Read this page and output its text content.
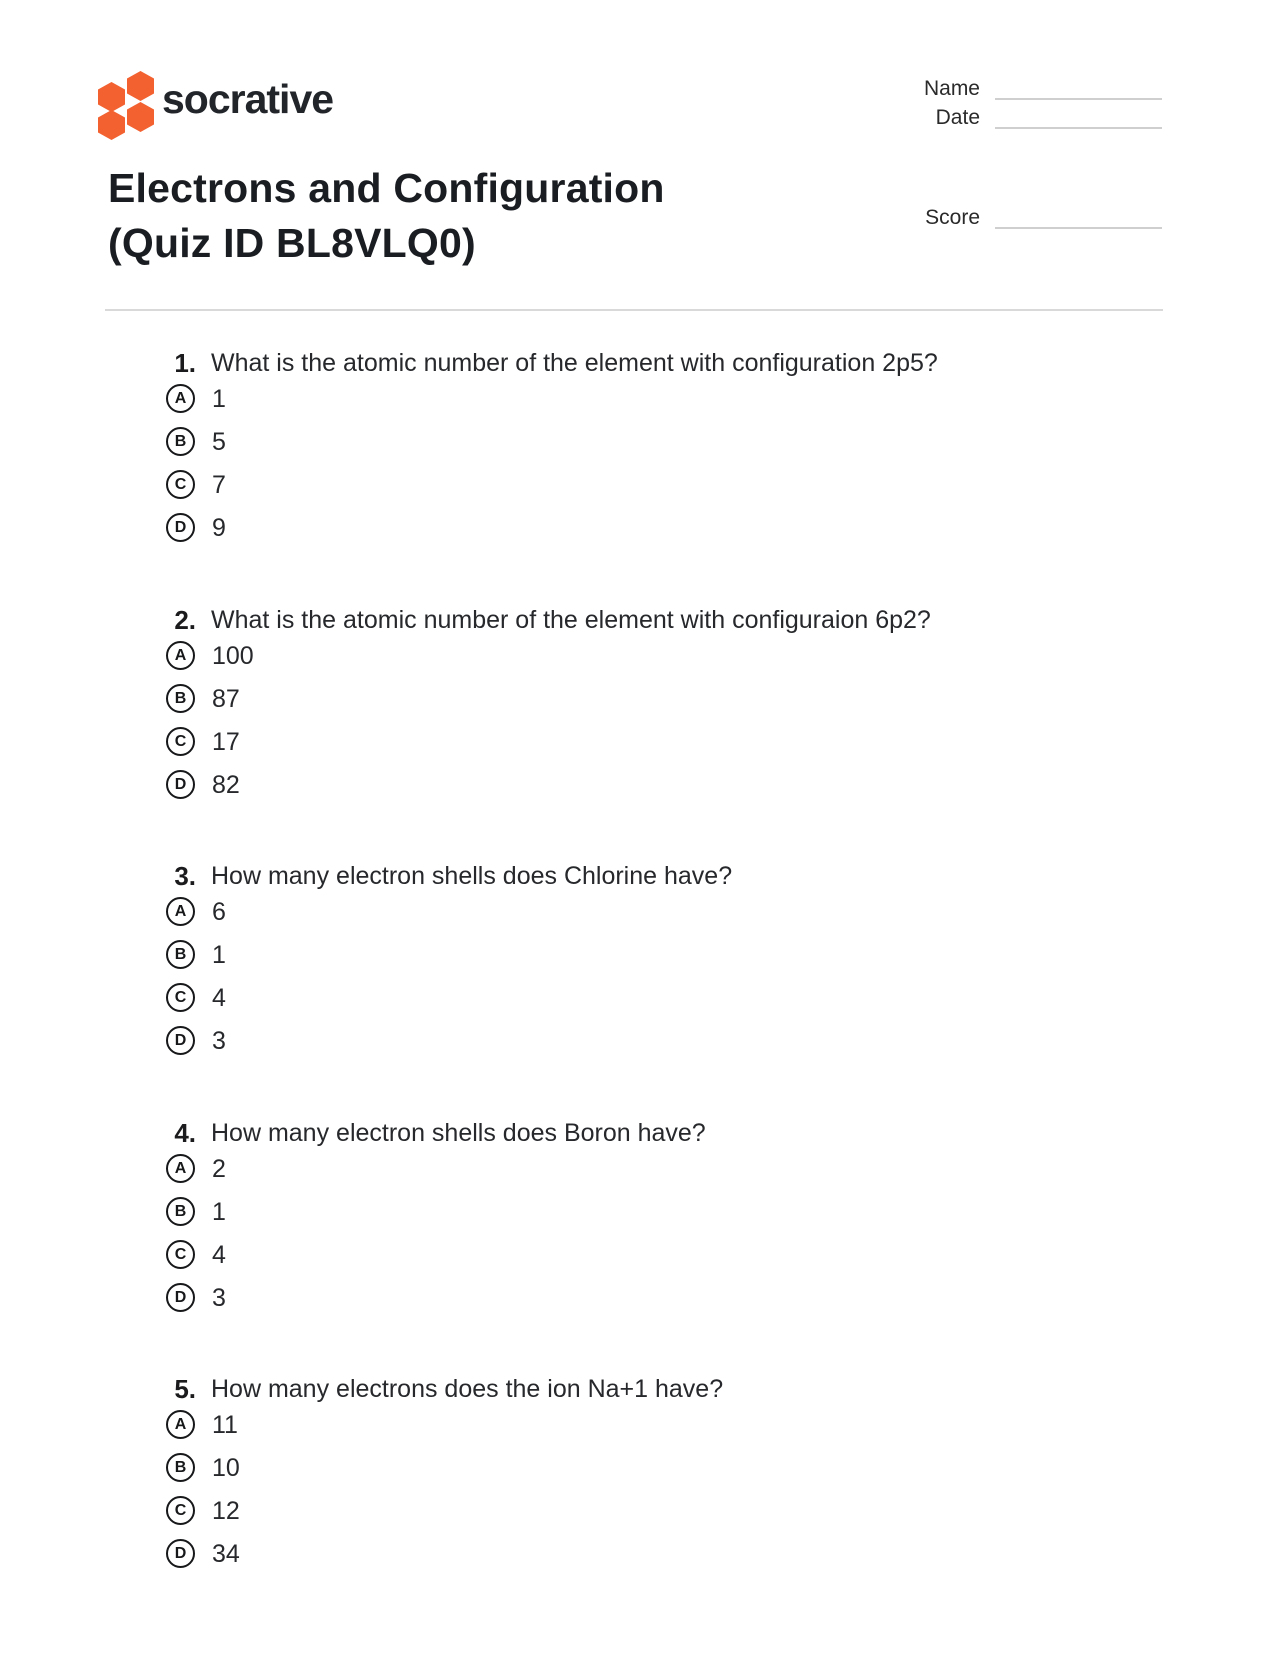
socrative	Name
Date
Score
Electrons and Configuration
(Quiz ID BL8VLQ0)
1. What is the atomic number of the element with configuration 2p5?
A	1
B	5
C	7
D	9
2. What is the atomic number of the element with configuraion 6p2?
A	100
B	87
C	17
D	82
3. How many electron shells does Chlorine have?
A	6
B	1
C	4
D	3
4. How many electron shells does Boron have?
A	2
B	1
C	4
D	3
5. How many electrons does the ion Na+1 have?
A	11
B	10
C	12
D	34
